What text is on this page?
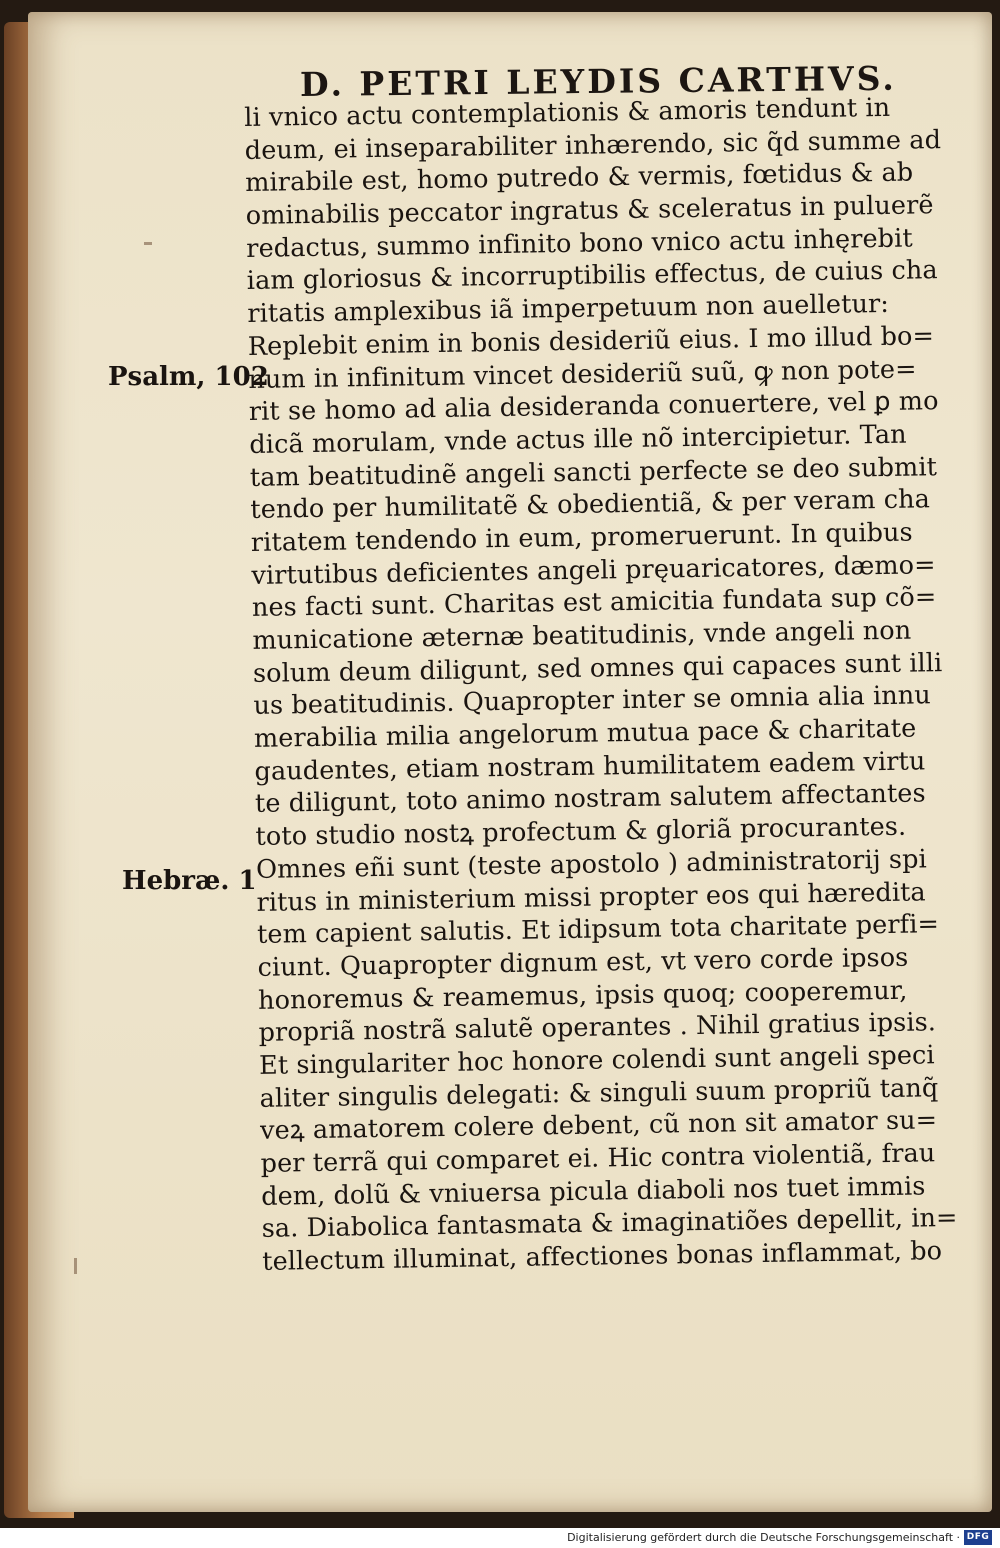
D. PETRI LEYDIS CARTHVS.
Psalm, 102
Hebræ. 1
li vnico actu contemplationis & amoris tendunt in
deum, ei inseparabiliter inhærendo, sic q̃d summe ad
mirabile est, homo putredo & vermis, fœtidus & ab
ominabilis peccator ingratus & sceleratus in puluerẽ
redactus, summo infinito bono vnico actu inhęrebit
iam gloriosus & incorruptibilis effectus, de cuius cha
ritatis amplexibus iã imperpetuum non auelletur:
Replebit enim in bonis desideriũ eius. I mo illud bo=
num in infinitum vincet desideriũ suũ, ꝙ non pote=
rit se homo ad alia desideranda conuertere, vel ꝑ mo
dicã morulam, vnde actus ille nõ intercipietur. Tan
tam beatitudinẽ angeli sancti perfecte se deo submit
tendo per humilitatẽ & obedientiã, & per veram cha
ritatem tendendo in eum, promeruerunt. In quibus
virtutibus deficientes angeli pręuaricatores, dæmo=
nes facti sunt. Charitas est amicitia fundata sup cõ=
municatione æternæ beatitudinis, vnde angeli non
solum deum diligunt, sed omnes qui capaces sunt illi
us beatitudinis. Quapropter inter se omnia alia innu
merabilia milia angelorum mutua pace & charitate
gaudentes, etiam nostram humilitatem eadem virtu
te diligunt, toto animo nostram salutem affectantes
toto studio nostꝝ profectum & gloriã procurantes.
Omnes eñi sunt (teste apostolo ) administratorij spi
ritus in ministerium missi propter eos qui hæredita
tem capient salutis. Et idipsum tota charitate perfi=
ciunt. Quapropter dignum est, vt vero corde ipsos
honoremus & reamemus, ipsis quoq; cooperemur,
propriã nostrã salutẽ operantes . Nihil gratius ipsis.
Et singulariter hoc honore colendi sunt angeli speci
aliter singulis delegati: & singuli suum propriũ tanq̃
veꝝ amatorem colere debent, cũ non sit amator su=
per terrã qui comparet ei. Hic contra violentiã, frau
dem, dolũ & vniuersa picula diaboli nos tuet immis
sa. Diabolica fantasmata & imaginatiões depellit, in=
tellectum illuminat, affectiones bonas inflammat, bo
Digitalisierung gefördert durch die Deutsche Forschungsgemeinschaft · DFG
